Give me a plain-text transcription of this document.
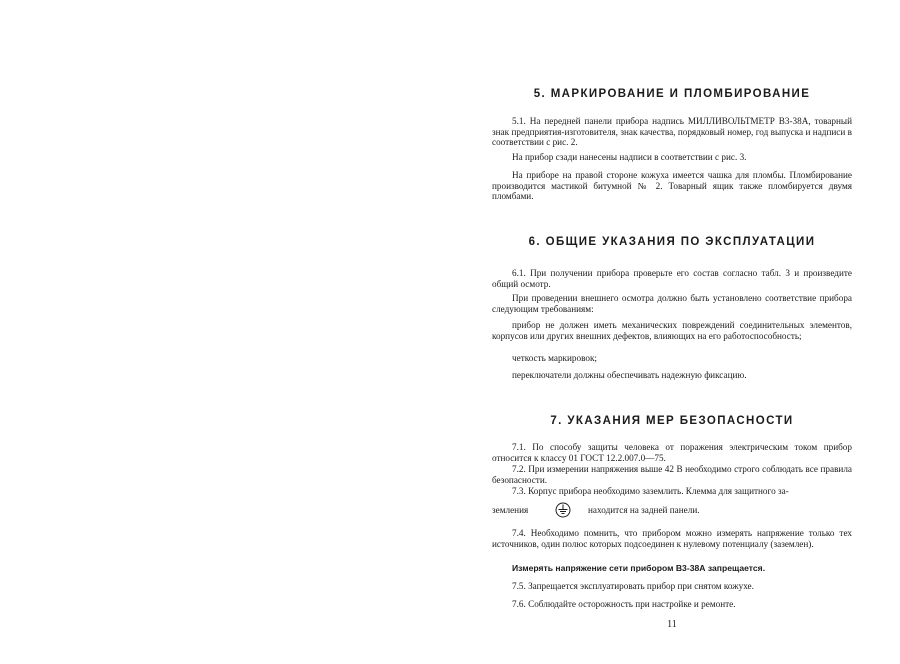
5. МАРКИРОВАНИЕ И ПЛОМБИРОВАНИЕ

5.1. На передней панели прибора надпись МИЛЛИВОЛЬТМЕТР В3-38А, товарный знак предприятия-изготовителя, знак качества, порядковый номер, год выпуска и надписи в соответствии с рис. 2.

На прибор сзади нанесены надписи в соответствии с рис. 3.

На приборе на правой стороне кожуха имеется чашка для пломбы. Пломбирование производится мастикой битумной № 2. Товарный ящик также пломбируется двумя пломбами.

6. ОБЩИЕ УКАЗАНИЯ ПО ЭКСПЛУАТАЦИИ

6.1. При получении прибора проверьте его состав согласно табл. 3 и произведите общий осмотр.

При проведении внешнего осмотра должно быть установлено соответствие прибора следующим требованиям:

прибор не должен иметь механических повреждений соединительных элементов, корпусов или других внешних дефектов, влияющих на его работоспособность;

четкость маркировок;

переключатели должны обеспечивать надежную фиксацию.

7. УКАЗАНИЯ МЕР БЕЗОПАСНОСТИ

7.1. По способу защиты человека от поражения электрическим током прибор относится к классу 01 ГОСТ 12.2.007.0—75.

7.2. При измерении напряжения выше 42 В необходимо строго соблюдать все правила безопасности.

7.3. Корпус прибора необходимо заземлить. Клемма для защитного за-

земления	находится на задней панели.

7.4. Необходимо помнить, что прибором можно измерять напряжение только тех источников, один полюс которых подсоединен к нулевому потенциалу (заземлен).

Измерять напряжение сети прибором В3-38А запрещается.

7.5. Запрещается эксплуатировать прибор при снятом кожухе.

7.6. Соблюдайте осторожность при настройке и ремонте.

11
